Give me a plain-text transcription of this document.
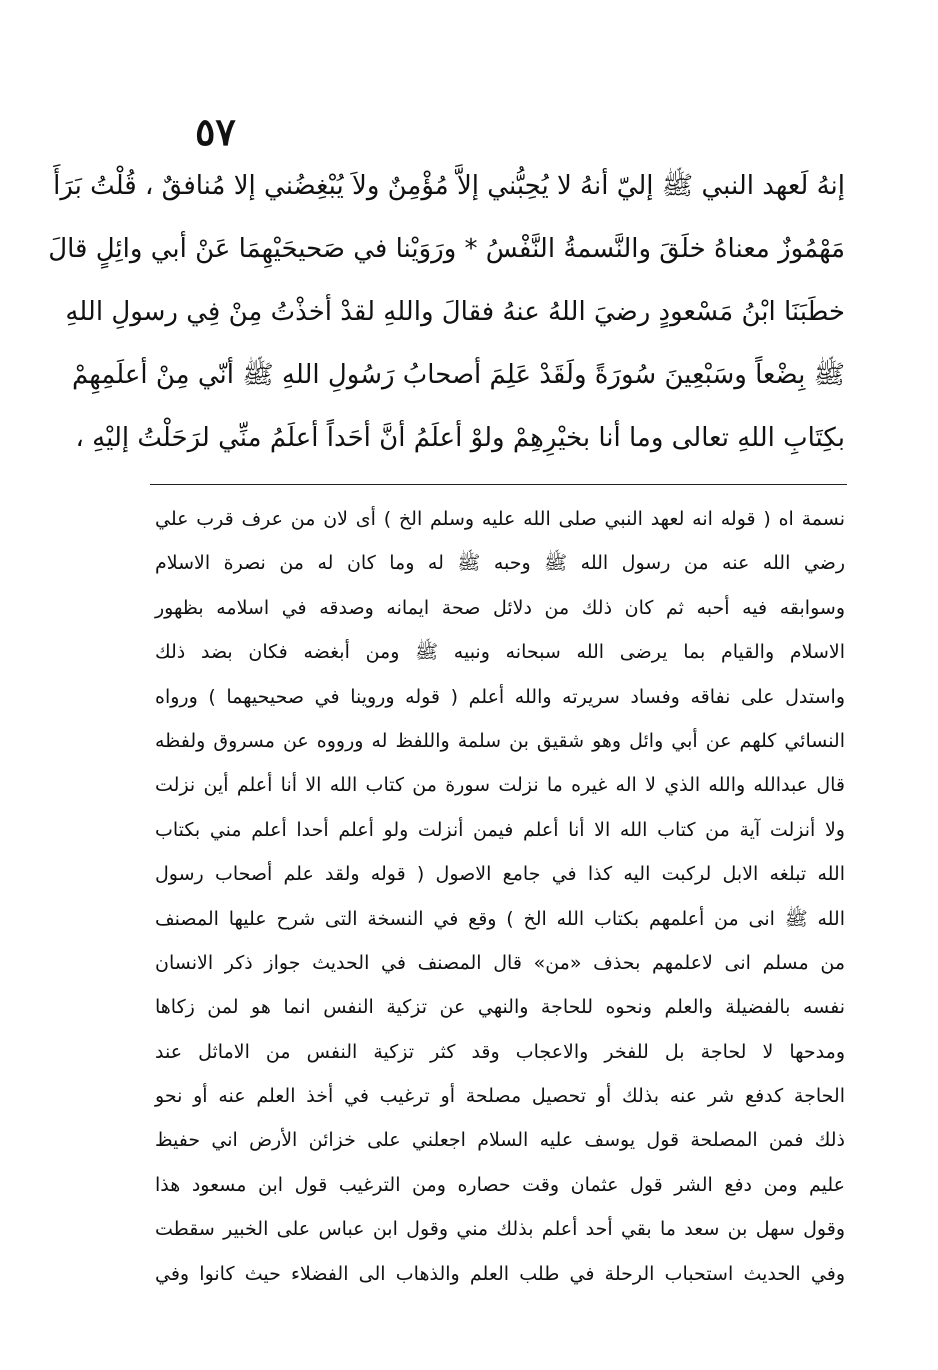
٥٧
إنهُ لَعهد النبي ﷺ إليّ أنهُ لا يُحِبُّني إلاَّ مُؤْمِنٌ ولاَ يُبْغِضُني إلا مُنافقٌ ، قُلْتُ بَرَأَ
مَهْمُوزٌ معناهُ خلَقَ والنَّسمةُ النَّفْسُ * ورَوَيْنا في صَحيحَيْهِمَا عَنْ أبي وائِلٍ قالَ
خطَبَنَا ابْنُ مَسْعودٍ رضيَ اللهُ عنهُ فقالَ واللهِ لقدْ أخذْتُ مِنْ فِي رسولِ اللهِ
ﷺ بِضْعاً وسَبْعِينَ سُورَةً ولَقَدْ عَلِمَ أصحابُ رَسُولِ اللهِ ﷺ أنّي مِنْ أعلَمِهِمْ
بكِتَابِ اللهِ تعالى وما أنا بخيْرِهِمْ ولوْ أعلَمُ أنَّ أحَداً أعلَمُ منِّي لرَحَلْتُ إليْهِ ،
نسمة اه ( قوله انه لعهد النبي صلى الله عليه وسلم الخ ) أى لان من عرف قرب علي
رضي الله عنه من رسول الله ﷺ وحبه ﷺ له وما كان له من نصرة الاسلام
وسوابقه فيه أحبه ثم كان ذلك من دلائل صحة ايمانه وصدقه في اسلامه بظهور
الاسلام والقيام بما يرضى الله سبحانه ونبيه ﷺ ومن أبغضه فكان بضد ذلك
واستدل على نفاقه وفساد سريرته والله أعلم ( قوله وروينا في صحيحيهما ) ورواه
النسائي كلهم عن أبي وائل وهو شقيق بن سلمة واللفظ له ورووه عن مسروق ولفظه
قال عبدالله والله الذي لا اله غيره ما نزلت سورة من كتاب الله الا أنا أعلم أين نزلت
ولا أنزلت آية من كتاب الله الا أنا أعلم فيمن أنزلت ولو أعلم أحدا أعلم مني بكتاب
الله تبلغه الابل لركبت اليه كذا في جامع الاصول ( قوله ولقد علم أصحاب رسول
الله ﷺ انى من أعلمهم بكتاب الله الخ ) وقع في النسخة التى شرح عليها المصنف
من مسلم انى لاعلمهم بحذف «من» قال المصنف في الحديث جواز ذكر الانسان
نفسه بالفضيلة والعلم ونحوه للحاجة والنهي عن تزكية النفس انما هو لمن زكاها
ومدحها لا لحاجة بل للفخر والاعجاب وقد كثر تزكية النفس من الاماثل عند
الحاجة كدفع شر عنه بذلك أو تحصيل مصلحة أو ترغيب في أخذ العلم عنه أو نحو
ذلك فمن المصلحة قول يوسف عليه السلام اجعلني على خزائن الأرض اني حفيظ
عليم ومن دفع الشر قول عثمان وقت حصاره ومن الترغيب قول ابن مسعود هذا
وقول سهل بن سعد ما بقي أحد أعلم بذلك مني وقول ابن عباس على الخبير سقطت
وفي الحديث استحباب الرحلة في طلب العلم والذهاب الى الفضلاء حيث كانوا وفي
